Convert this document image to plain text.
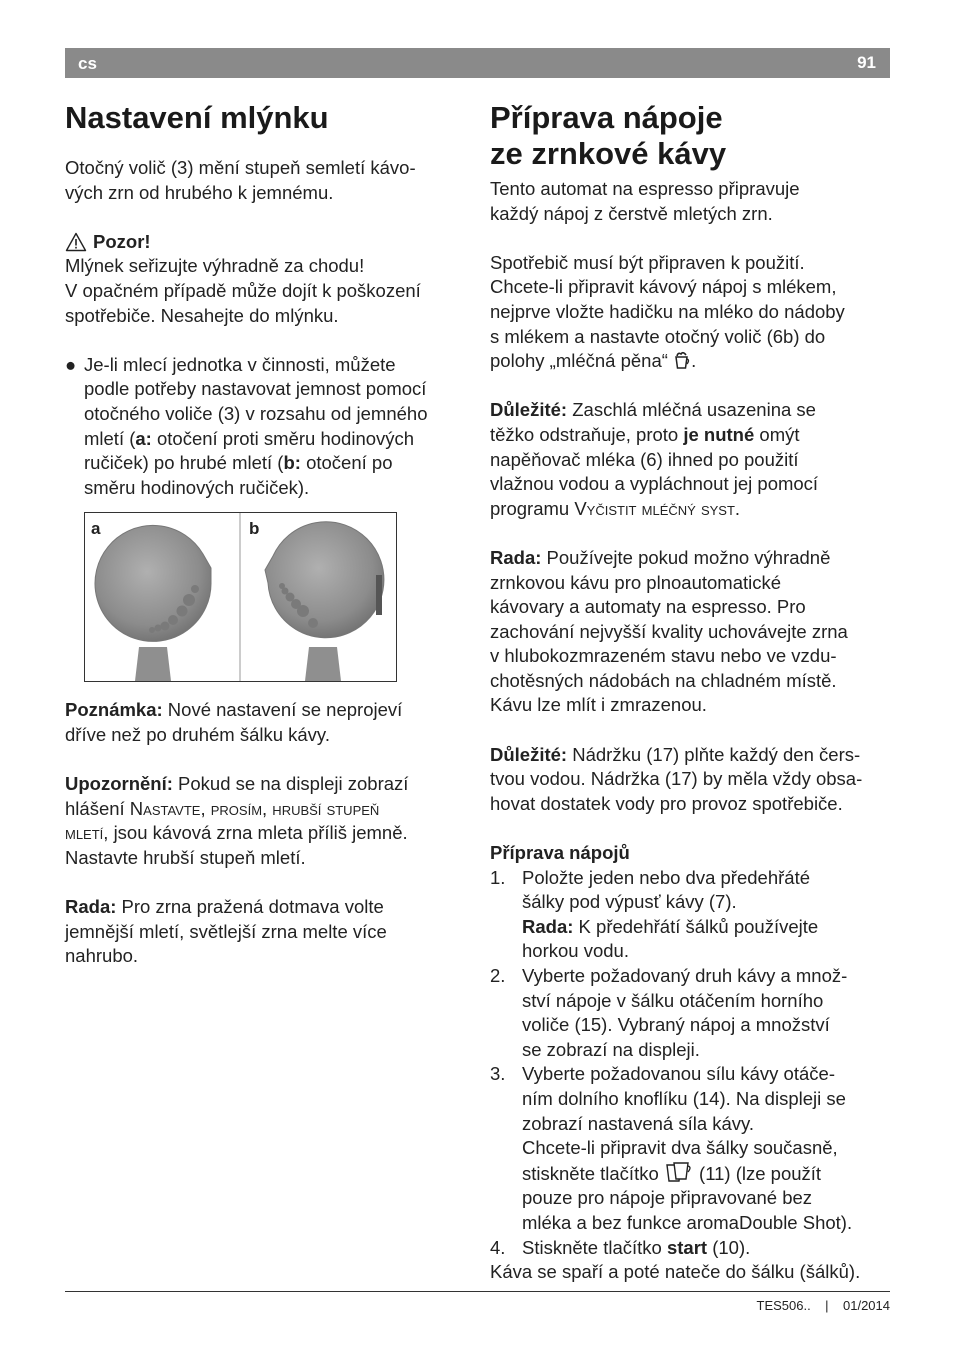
cs	91
Nastavení mlýnku

Otočný volič (3) mění stupeň semletí kávo-

vých zrn od hrubého k jemnému.

Pozor!

Mlýnek seřizujte výhradně za chodu!

V opačném případě může dojít k poškození

spotřebiče. Nesahejte do mlýnku.

● Je-li mlecí jednotka v činnosti, můžete

podle potřeby nastavovat jemnost pomocí

otočného voliče (3) v rozsahu od jemného

mletí (a: otočení proti směru hodinových

ručiček) po hrubé mletí (b: otočení po

směru hodinových ručiček).

a	b

Poznámka: Nové nastavení se neprojeví

dříve než po druhém šálku kávy.

Upozornění: Pokud se na displeji zobrazí

hlášení Nastavte, prosím, hrubší stupeň

mletí, jsou kávová zrna mleta příliš jemně.

Nastavte hrubší stupeň mletí.

Rada: Pro zrna pražená dotmava volte

jemnější mletí, světlejší zrna melte více

nahrubo.

Příprava nápoje
ze zrnkové kávy

Tento automat na espresso připravuje

každý nápoj z čerstvě mletých zrn.

Spotřebič musí být připraven k použití.

Chcete-li připravit kávový nápoj s mlékem,

nejprve vložte hadičku na mléko do nádoby

s mlékem a nastavte otočný volič (6b) do

polohy „mléčná pěna“ .

Důležité: Zaschlá mléčná usazenina se

těžko odstraňuje, proto je nutné omýt

napěňovač mléka (6) ihned po použití

vlažnou vodou a vypláchnout jej pomocí

programu Vyčistit mléčný syst.

Rada: Používejte pokud možno výhradně

zrnkovou kávu pro plnoautomatické

kávovary a automaty na espresso. Pro

zachování nejvyšší kvality uchovávejte zrna

v hlubokozmrazeném stavu nebo ve vzdu-

chotěsných nádobách na chladném místě.

Kávu lze mlít i zmrazenou.

Důležité: Nádržku (17) plňte každý den čers-

tvou vodou. Nádržka (17) by měla vždy obsa-

hovat dostatek vody pro provoz spotřebiče.

Příprava nápojů

1. Položte jeden nebo dva předehřáté

šálky pod výpusť kávy (7).

Rada: K předehřátí šálků používejte

horkou vodu.

2. Vyberte požadovaný druh kávy a množ-

ství nápoje v šálku otáčením horního

voliče (15). Vybraný nápoj a množství

se zobrazí na displeji.

3. Vyberte požadovanou sílu kávy otáče-

ním dolního knoflíku (14). Na displeji se

zobrazí nastavená síla kávy.

Chcete-li připravit dva šálky současně,

stiskněte tlačítko  (11) (lze použít

pouze pro nápoje připravované bez

mléka a bez funkce aromaDouble Shot).

4. Stiskněte tlačítko start (10).

Káva se spaří a poté nateče do šálku (šálků).

TES506.. | 01/2014
